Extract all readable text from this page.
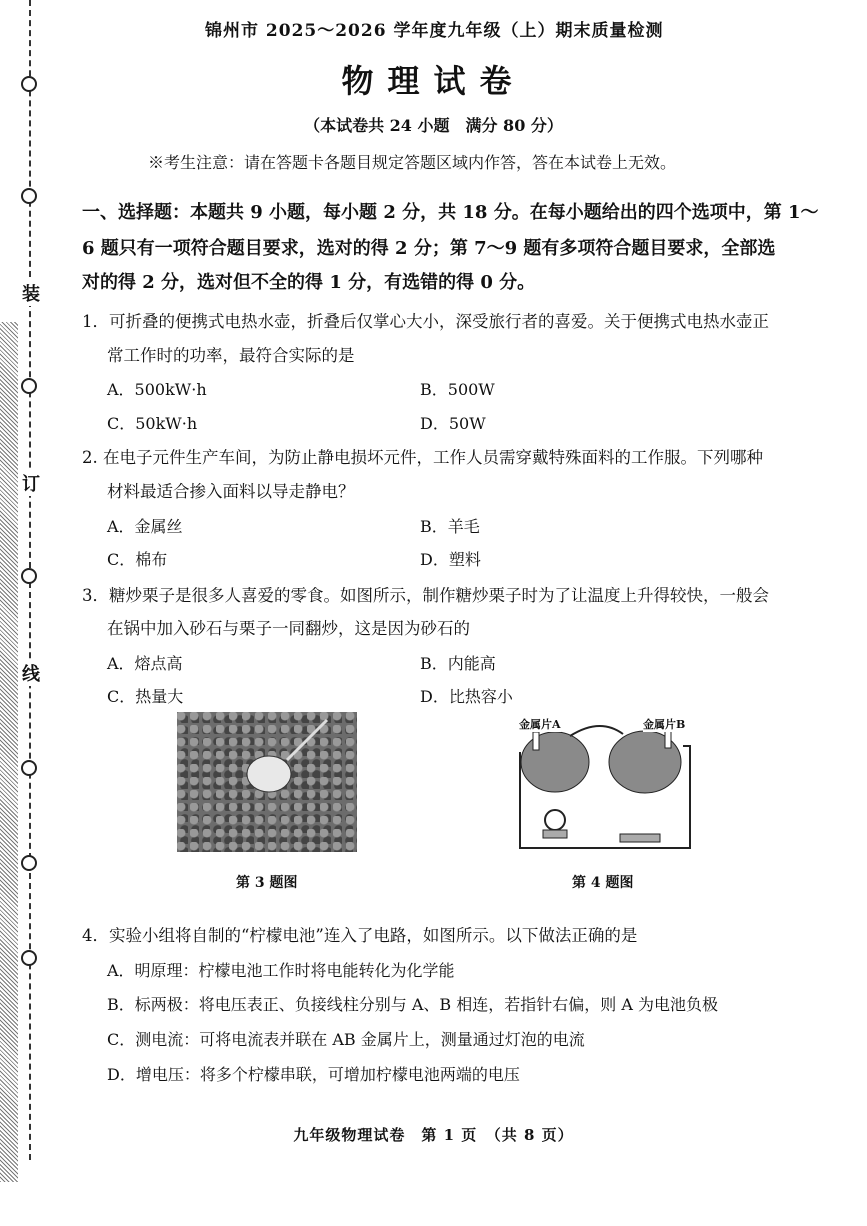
装
订
线
锦州市 2025～2026 学年度九年级（上）期末质量检测
物理试卷
（本试卷共 24 小题　满分 80 分）
※考生注意：请在答题卡各题目规定答题区域内作答，答在本试卷上无效。
一、选择题：本题共 9 小题，每小题 2 分，共 18 分。在每小题给出的四个选项中，第 1～
6 题只有一项符合题目要求，选对的得 2 分；第 7～9 题有多项符合题目要求，全部选
对的得 2 分，选对但不全的得 1 分，有选错的得 0 分。
1．可折叠的便携式电热水壶，折叠后仅掌心大小，深受旅行者的喜爱。关于便携式电热水壶正
常工作时的功率，最符合实际的是
A．500kW·h	B．500W
C．50kW·h	D．50W
2. 在电子元件生产车间，为防止静电损坏元件，工作人员需穿戴特殊面料的工作服。下列哪种
材料最适合掺入面料以导走静电？
A．金属丝	B．羊毛
C．棉布	D．塑料
3．糖炒栗子是很多人喜爱的零食。如图所示，制作糖炒栗子时为了让温度上升得较快，一般会
在锅中加入砂石与栗子一同翻炒，这是因为砂石的
A．熔点高	B．内能高
C．热量大	D．比热容小
第 3 题图
金属片A	金属片B
第 4 题图
4．实验小组将自制的“柠檬电池”连入了电路，如图所示。以下做法正确的是
A．明原理：柠檬电池工作时将电能转化为化学能
B．标两极：将电压表正、负接线柱分别与 A、B 相连，若指针右偏，则 A 为电池负极
C．测电流：可将电流表并联在 AB 金属片上，测量通过灯泡的电流
D．增电压：将多个柠檬串联，可增加柠檬电池两端的电压
九年级物理试卷　第 1 页　（共 8 页）
